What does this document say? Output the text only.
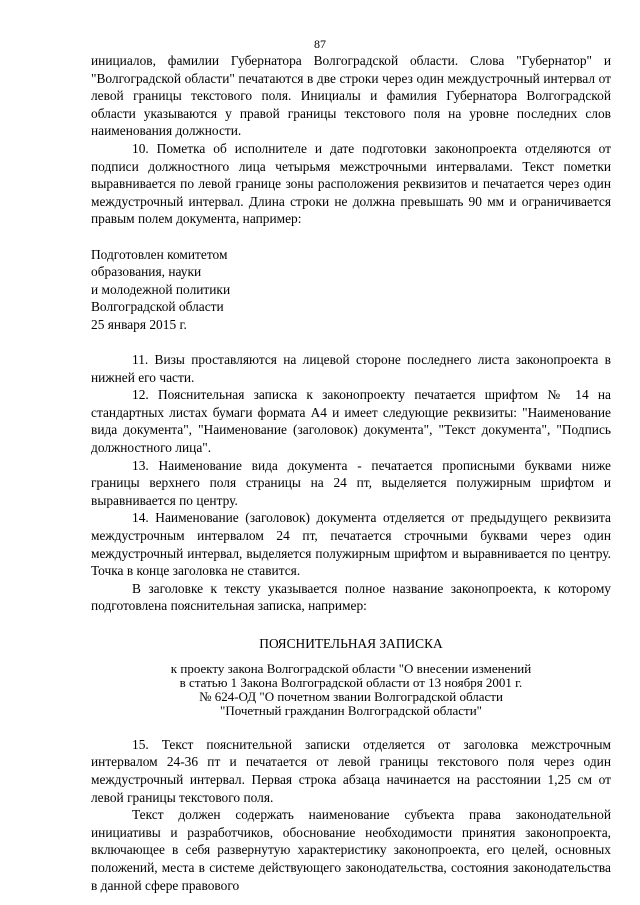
87

инициалов, фамилии Губернатора Волгоградской области. Слова "Губернатор" и "Волгоградской области" печатаются в две строки через один междустрочный интервал от левой границы текстового поля. Инициалы и фамилия Губернатора Волгоградской области указываются у правой границы текстового поля на уровне последних слов наименования должности.

10. Пометка об исполнителе и дате подготовки законопроекта отделяются от подписи должностного лица четырьмя межстрочными интервалами. Текст пометки выравнивается по левой границе зоны расположения реквизитов и печатается через один междустрочный интервал. Длина строки не должна превышать 90 мм и ограничивается правым полем документа, например:

Подготовлен комитетом

образования, науки

и молодежной политики

Волгоградской области

25 января 2015 г.

11. Визы проставляются на лицевой стороне последнего листа законопроекта в нижней его части.

12. Пояснительная записка к законопроекту печатается шрифтом № 14 на стандартных листах бумаги формата А4 и имеет следующие реквизиты: "Наименование вида документа", "Наименование (заголовок) документа", "Текст документа", "Подпись должностного лица".

13. Наименование вида документа - печатается прописными буквами ниже границы верхнего поля страницы на 24 пт, выделяется полужирным шрифтом и выравнивается по центру.

14. Наименование (заголовок) документа отделяется от предыдущего реквизита междустрочным интервалом 24 пт, печатается строчными буквами через один междустрочный интервал, выделяется полужирным шрифтом и выравнивается по центру. Точка в конце заголовка не ставится.

В заголовке к тексту указывается полное название законопроекта, к которому подготовлена пояснительная записка, например:

ПОЯСНИТЕЛЬНАЯ ЗАПИСКА

к проекту закона Волгоградской области "О внесении изменений

в статью 1 Закона Волгоградской области от 13 ноября 2001 г.

№ 624-ОД "О почетном звании Волгоградской области

"Почетный гражданин Волгоградской области"

15. Текст пояснительной записки отделяется от заголовка межстрочным интервалом 24-36 пт и печатается от левой границы текстового поля через один междустрочный интервал. Первая строка абзаца начинается на расстоянии 1,25 см от левой границы текстового поля.

Текст должен содержать наименование субъекта права законодательной инициативы и разработчиков, обоснование необходимости принятия законопроекта, включающее в себя развернутую характеристику законопроекта, его целей, основных положений, места в системе действующего законодательства, состояния законодательства в данной сфере правового
